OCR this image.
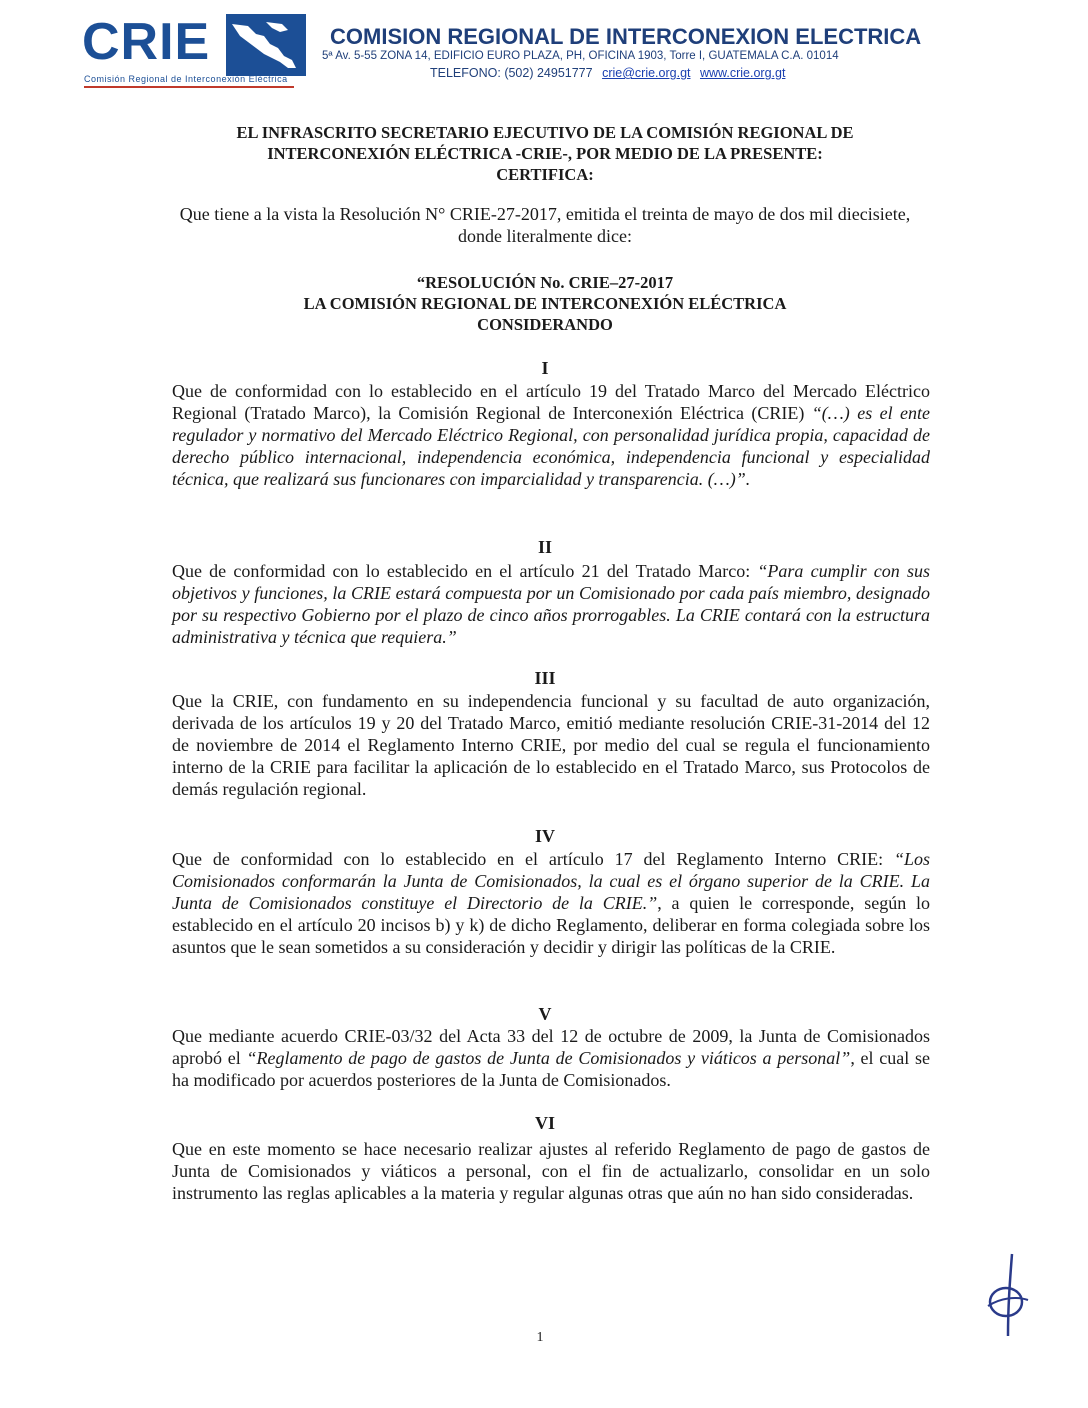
CRIE
Comisión Regional de Interconexión Eléctrica
COMISION REGIONAL DE INTERCONEXION ELECTRICA
5ª Av. 5-55 ZONA 14, EDIFICIO EURO PLAZA, PH, OFICINA 1903, Torre I, GUATEMALA C.A. 01014
TELEFONO: (502) 24951777 crie@crie.org.gt www.crie.org.gt
EL INFRASCRITO SECRETARIO EJECUTIVO DE LA COMISIÓN REGIONAL DE
INTERCONEXIÓN ELÉCTRICA -CRIE-, POR MEDIO DE LA PRESENTE:
CERTIFICA:
Que tiene a la vista la Resolución N° CRIE-27-2017, emitida el treinta de mayo de dos mil diecisiete,
donde literalmente dice:
“RESOLUCIÓN No. CRIE–27-2017
LA COMISIÓN REGIONAL DE INTERCONEXIÓN ELÉCTRICA
CONSIDERANDO
I
Que de conformidad con lo establecido en el artículo 19 del Tratado Marco del Mercado Eléctrico Regional (Tratado Marco), la Comisión Regional de Interconexión Eléctrica (CRIE) “(…) es el ente regulador y normativo del Mercado Eléctrico Regional, con personalidad jurídica propia, capacidad de derecho público internacional, independencia económica, independencia funcional y especialidad técnica, que realizará sus funcionares con imparcialidad y transparencia. (…)”.
II
Que de conformidad con lo establecido en el artículo 21 del Tratado Marco: “Para cumplir con sus objetivos y funciones, la CRIE estará compuesta por un Comisionado por cada país miembro, designado por su respectivo Gobierno por el plazo de cinco años prorrogables. La CRIE contará con la estructura administrativa y técnica que requiera.”
III
Que la CRIE, con fundamento en su independencia funcional y su facultad de auto organización, derivada de los artículos 19 y 20 del Tratado Marco, emitió mediante resolución CRIE-31-2014 del 12 de noviembre de 2014 el Reglamento Interno CRIE, por medio del cual se regula el funcionamiento interno de la CRIE para facilitar la aplicación de lo establecido en el Tratado Marco, sus Protocolos de demás regulación regional.
IV
Que de conformidad con lo establecido en el artículo 17 del Reglamento Interno CRIE: “Los Comisionados conformarán la Junta de Comisionados, la cual es el órgano superior de la CRIE. La Junta de Comisionados constituye el Directorio de la CRIE.”, a quien le corresponde, según lo establecido en el artículo 20 incisos b) y k) de dicho Reglamento, deliberar en forma colegiada sobre los asuntos que le sean sometidos a su consideración y decidir y dirigir las políticas de la CRIE.
V
Que mediante acuerdo CRIE-03/32 del Acta 33 del 12 de octubre de 2009, la Junta de Comisionados aprobó el “Reglamento de pago de gastos de Junta de Comisionados y viáticos a personal”, el cual se ha modificado por acuerdos posteriores de la Junta de Comisionados.
VI
Que en este momento se hace necesario realizar ajustes al referido Reglamento de pago de gastos de Junta de Comisionados y viáticos a personal, con el fin de actualizarlo, consolidar en un solo instrumento las reglas aplicables a la materia y regular algunas otras que aún no han sido consideradas.
1
